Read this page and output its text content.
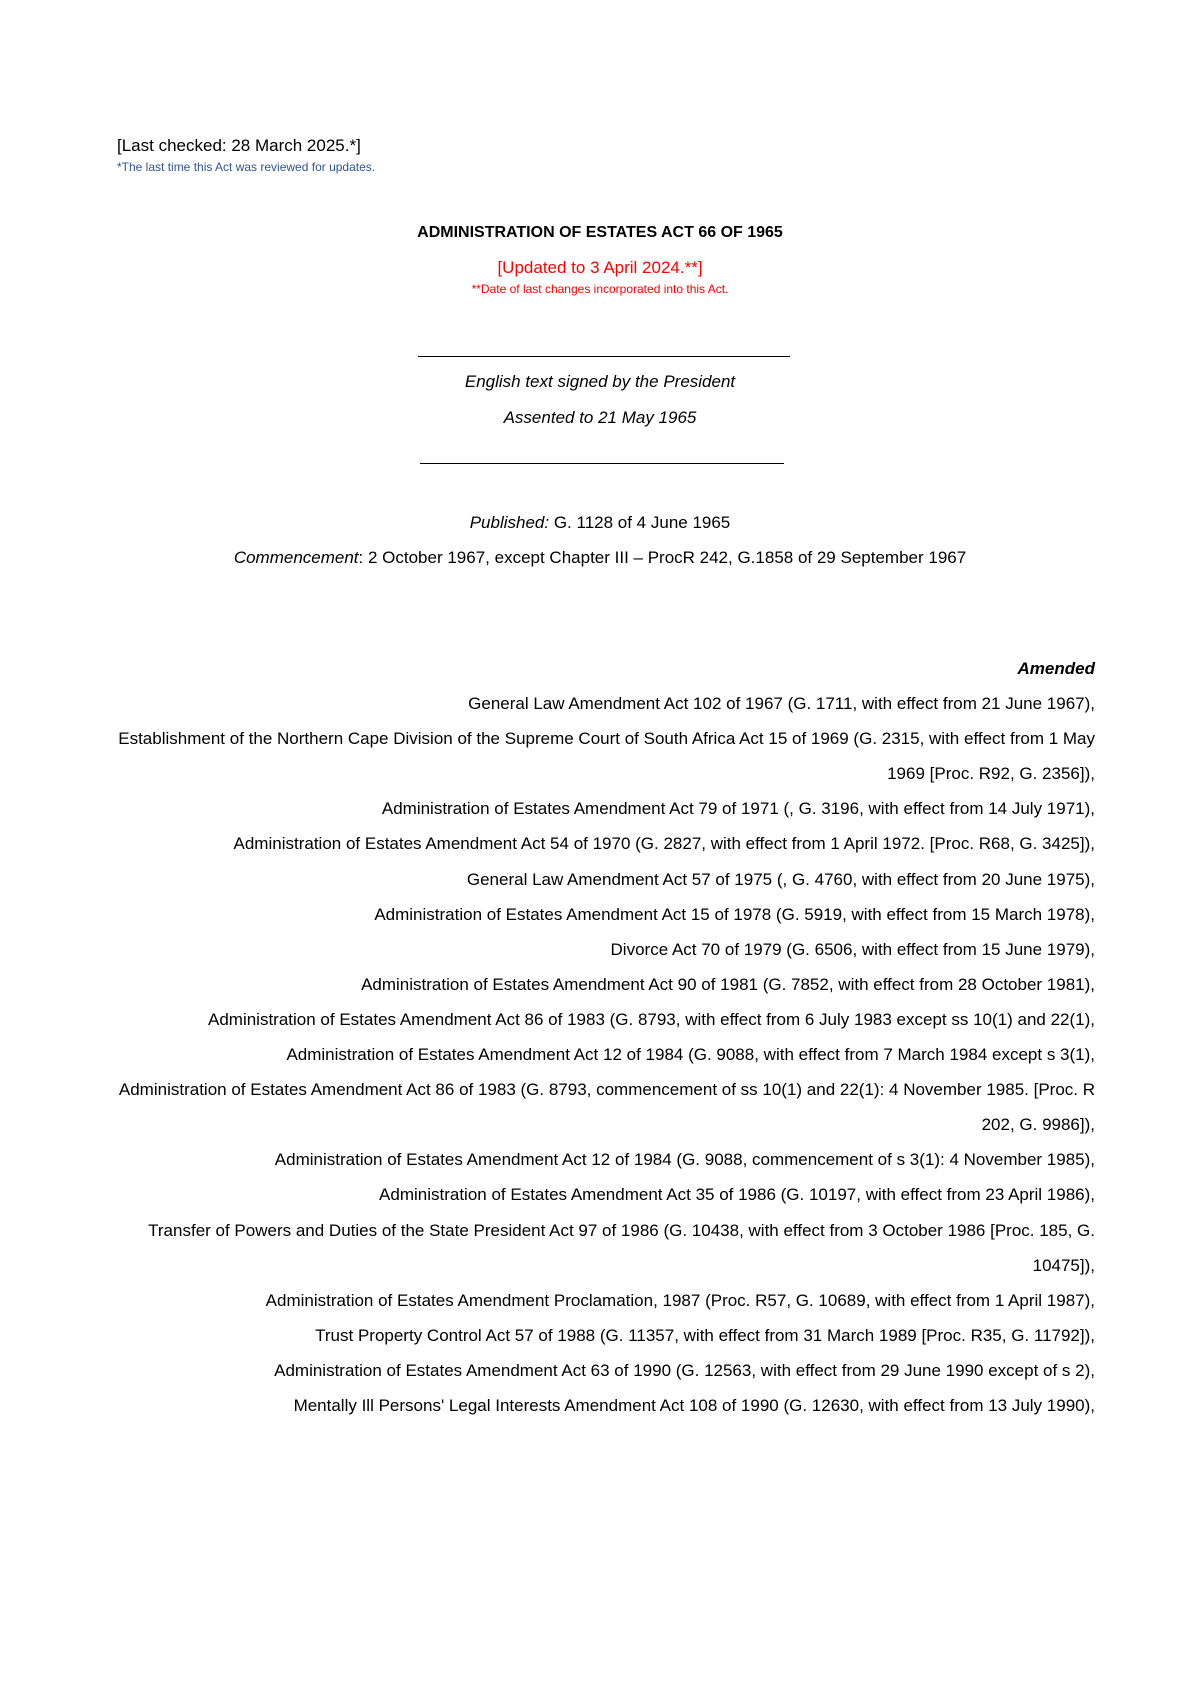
[Last checked: 28 March 2025.*]
*The last time this Act was reviewed for updates.
ADMINISTRATION OF ESTATES ACT 66 OF 1965
[Updated to 3 April 2024.**]
**Date of last changes incorporated into this Act.
English text signed by the President
Assented to 21 May 1965
Published: G. 1128 of 4 June 1965
Commencement: 2 October 1967, except Chapter III – ProcR 242, G.1858 of 29 September 1967
Amended

General Law Amendment Act 102 of 1967 (G. 1711, with effect from 21 June 1967),

Establishment of the Northern Cape Division of the Supreme Court of South Africa Act 15 of 1969 (G. 2315, with effect from 1 May 1969 [Proc. R92, G. 2356]),

Administration of Estates Amendment Act 79 of 1971 (, G. 3196, with effect from 14 July 1971),

Administration of Estates Amendment Act 54 of 1970 (G. 2827, with effect from 1 April 1972. [Proc. R68, G. 3425]),

General Law Amendment Act 57 of 1975 (, G. 4760, with effect from 20 June 1975),

Administration of Estates Amendment Act 15 of 1978 (G. 5919, with effect from 15 March 1978),

Divorce Act 70 of 1979 (G. 6506, with effect from 15 June 1979),

Administration of Estates Amendment Act 90 of 1981 (G. 7852, with effect from 28 October 1981),

Administration of Estates Amendment Act 86 of 1983 (G. 8793, with effect from 6 July 1983 except ss 10(1) and 22(1),

Administration of Estates Amendment Act 12 of 1984 (G. 9088, with effect from 7 March 1984 except s 3(1),

Administration of Estates Amendment Act 86 of 1983 (G. 8793, commencement of ss 10(1) and 22(1): 4 November 1985. [Proc. R 202, G. 9986]),

Administration of Estates Amendment Act 12 of 1984 (G. 9088, commencement of s 3(1): 4 November 1985),

Administration of Estates Amendment Act 35 of 1986 (G. 10197, with effect from 23 April 1986),

Transfer of Powers and Duties of the State President Act 97 of 1986 (G. 10438, with effect from 3 October 1986 [Proc. 185, G. 10475]),

Administration of Estates Amendment Proclamation, 1987 (Proc. R57, G. 10689, with effect from 1 April 1987),

Trust Property Control Act 57 of 1988 (G. 11357, with effect from 31 March 1989 [Proc. R35, G. 11792]),

Administration of Estates Amendment Act 63 of 1990 (G. 12563, with effect from 29 June 1990 except of s 2),

Mentally Ill Persons' Legal Interests Amendment Act 108 of 1990 (G. 12630, with effect from 13 July 1990),
